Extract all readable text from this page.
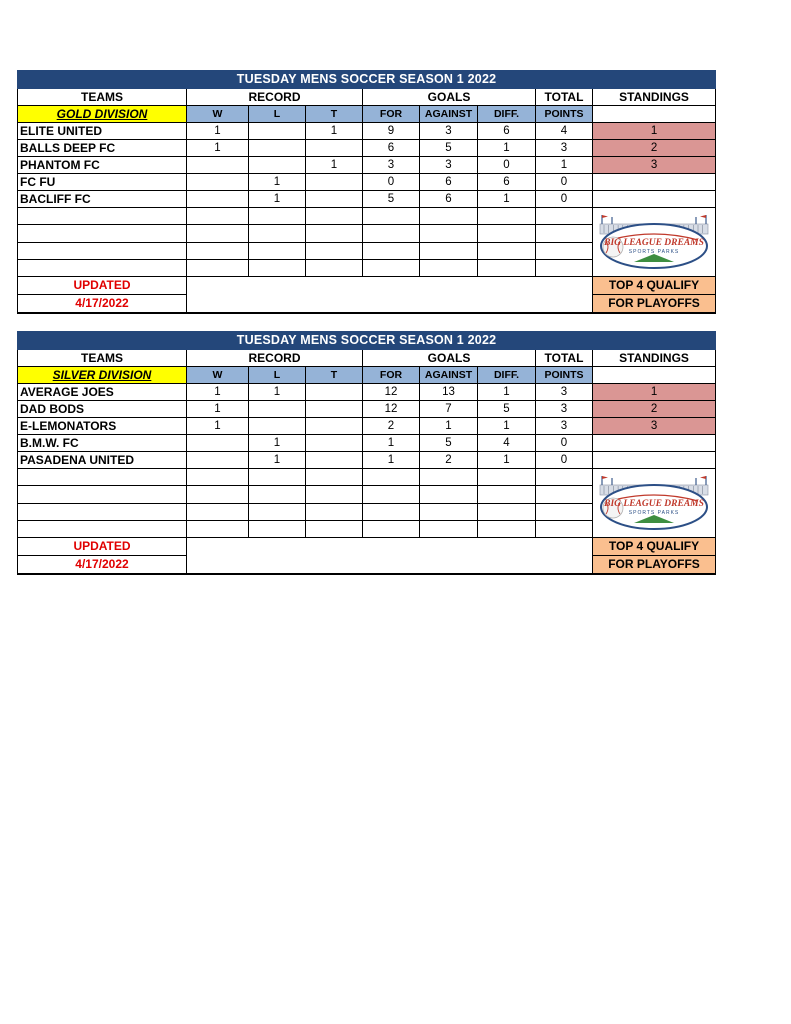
TUESDAY MENS SOCCER SEASON 1 2022								
TEAMS	RECORD			GOALS			TOTAL	STANDINGS
GOLD DIVISION	W	L	T	FOR	AGAINST	DIFF.	POINTS	
ELITE UNITED	1		1	9	3	6	4	1
BALLS DEEP FC	1			6	5	1	3	2
PHANTOM FC			1	3	3	0	1	3
FC FU		1		0	6	6	0	
BACLIFF FC		1		5	6	1	0	

								BIG LEAGUE DREAMS
SPORTS PARKS

UPDATED								TOP 4 QUALIFY
4/17/2022								FOR PLAYOFFS
TUESDAY MENS SOCCER SEASON 1 2022								
TEAMS	RECORD			GOALS			TOTAL	STANDINGS
SILVER DIVISION	W	L	T	FOR	AGAINST	DIFF.	POINTS	
AVERAGE JOES	1	1		12	13	1	3	1
DAD BODS	1			12	7	5	3	2
E-LEMONATORS	1			2	1	1	3	3
B.M.W. FC		1		1	5	4	0	
PASADENA UNITED		1		1	2	1	0	

								BIG LEAGUE DREAMS
SPORTS PARKS

UPDATED								TOP 4 QUALIFY
4/17/2022								FOR PLAYOFFS
